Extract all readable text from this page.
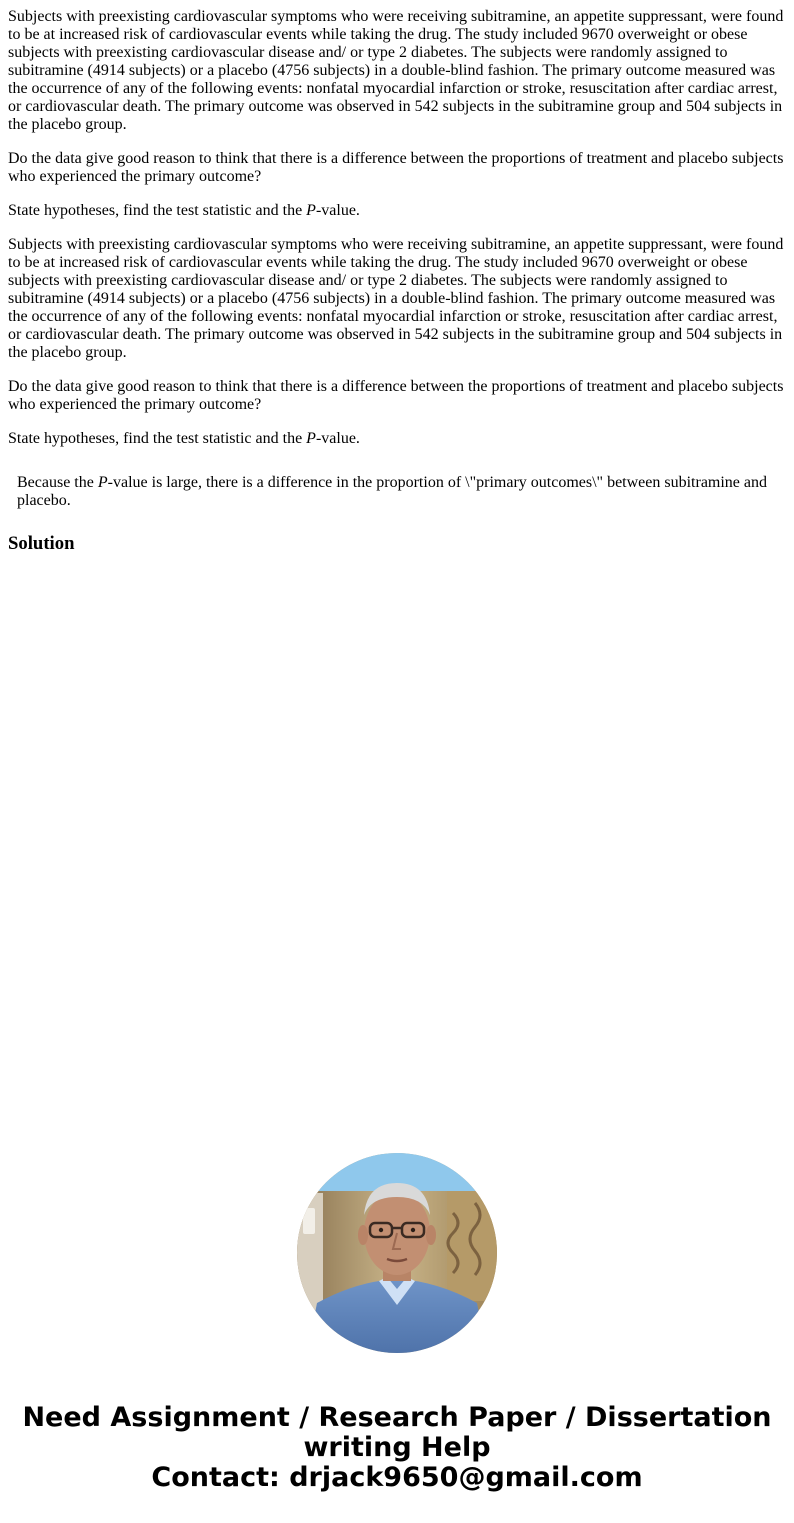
Subjects with preexisting cardiovascular symptoms who were receiving subitramine, an appetite suppressant, were found to be at increased risk of cardiovascular events while taking the drug. The study included 9670 overweight or obese subjects with preexisting cardiovascular disease and/ or type 2 diabetes. The subjects were randomly assigned to subitramine (4914 subjects) or a placebo (4756 subjects) in a double-blind fashion. The primary outcome measured was the occurrence of any of the following events: nonfatal myocardial infarction or stroke, resuscitation after cardiac arrest, or cardiovascular death. The primary outcome was observed in 542 subjects in the subitramine group and 504 subjects in the placebo group.

Do the data give good reason to think that there is a difference between the proportions of treatment and placebo subjects who experienced the primary outcome?

State hypotheses, find the test statistic and the P-value.

Subjects with preexisting cardiovascular symptoms who were receiving subitramine, an appetite suppressant, were found to be at increased risk of cardiovascular events while taking the drug. The study included 9670 overweight or obese subjects with preexisting cardiovascular disease and/ or type 2 diabetes. The subjects were randomly assigned to subitramine (4914 subjects) or a placebo (4756 subjects) in a double-blind fashion. The primary outcome measured was the occurrence of any of the following events: nonfatal myocardial infarction or stroke, resuscitation after cardiac arrest, or cardiovascular death. The primary outcome was observed in 542 subjects in the subitramine group and 504 subjects in the placebo group.

Do the data give good reason to think that there is a difference between the proportions of treatment and placebo subjects who experienced the primary outcome?

State hypotheses, find the test statistic and the P-value.

Because the P-value is large, there is a difference in the proportion of \"primary outcomes\" between subitramine and placebo.

Solution
Need Assignment / Research Paper / Dissertation
writing Help
Contact: drjack9650@gmail.com
